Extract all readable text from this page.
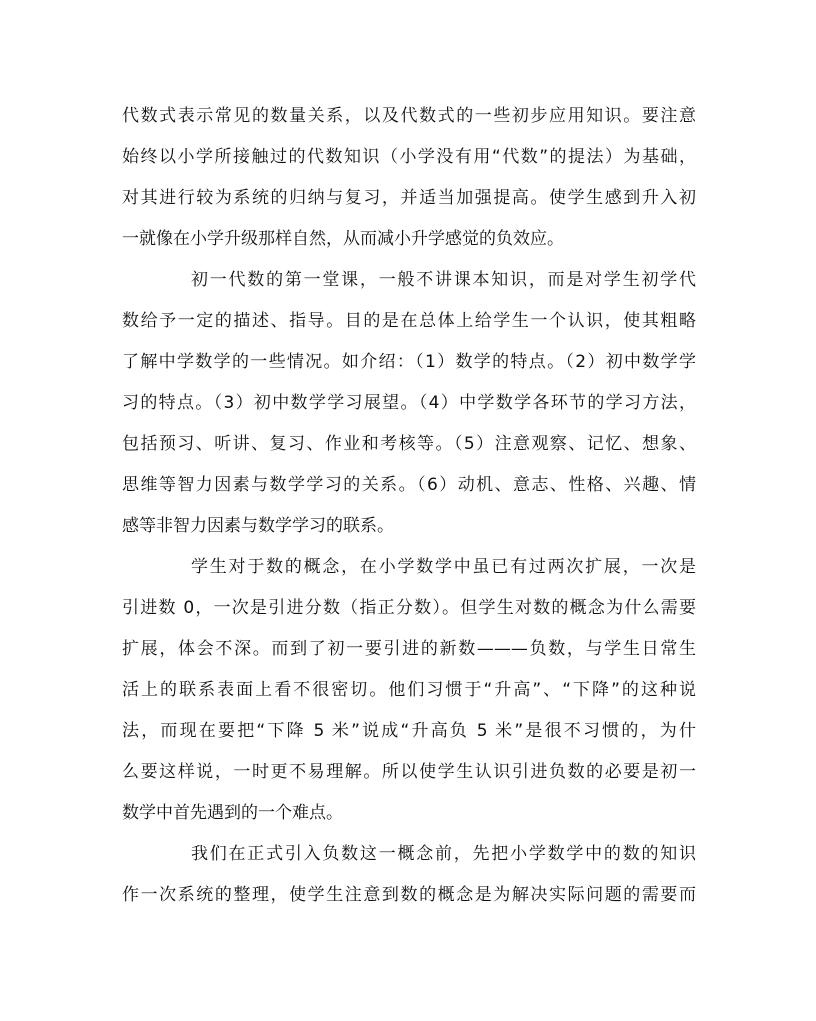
代数式表示常见的数量关系，以及代数式的一些初步应用知识。要注意
始终以小学所接触过的代数知识（小学没有用“代数”的提法）为基础，
对其进行较为系统的归纳与复习，并适当加强提高。使学生感到升入初
一就像在小学升级那样自然，从而减小升学感觉的负效应。
初一代数的第一堂课，一般不讲课本知识，而是对学生初学代
数给予一定的描述、指导。目的是在总体上给学生一个认识，使其粗略
了解中学数学的一些情况。如介绍：（1）数学的特点。（2）初中数学学
习的特点。（3）初中数学学习展望。（4）中学数学各环节的学习方法，
包括预习、听讲、复习、作业和考核等。（5）注意观察、记忆、想象、
思维等智力因素与数学学习的关系。（6）动机、意志、性格、兴趣、情
感等非智力因素与数学学习的联系。
学生对于数的概念，在小学数学中虽已有过两次扩展，一次是
引进数 0，一次是引进分数（指正分数）。但学生对数的概念为什么需要
扩展，体会不深。而到了初一要引进的新数———负数，与学生日常生
活上的联系表面上看不很密切。他们习惯于“升高”、“下降”的这种说
法，而现在要把“下降 5 米”说成“升高负 5 米”是很不习惯的，为什
么要这样说，一时更不易理解。所以使学生认识引进负数的必要是初一
数学中首先遇到的一个难点。
我们在正式引入负数这一概念前，先把小学数学中的数的知识
作一次系统的整理，使学生注意到数的概念是为解决实际问题的需要而
